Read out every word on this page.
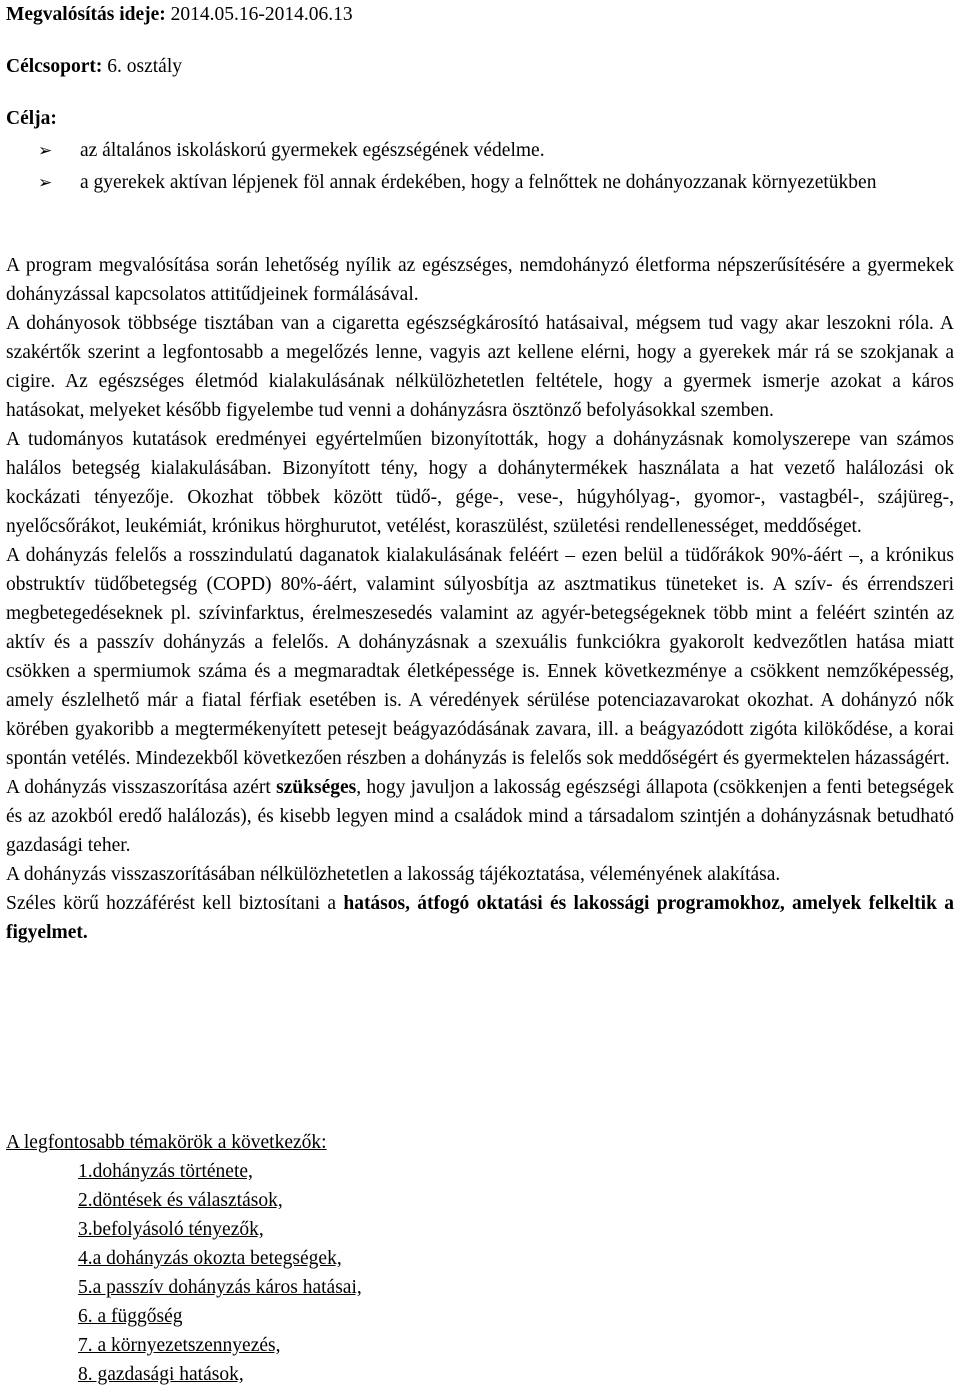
Megvalósítás ideje: 2014.05.16-2014.06.13
Célcsoport: 6. osztály
Célja:
➢	az általános iskoláskorú gyermekek egészségének védelme.
➢	a gyerekek aktívan lépjenek föl annak érdekében, hogy a felnőttek ne dohányozzanak környezetükben

A program megvalósítása során lehetőség nyílik az egészséges, nemdohányzó életforma népszerűsítésére a gyermekek dohányzással kapcsolatos attitűdjeinek formálásával.

A dohányosok többsége tisztában van a cigaretta egészségkárosító hatásaival, mégsem tud vagy akar leszokni róla. A szakértők szerint a legfontosabb a megelőzés lenne, vagyis azt kellene elérni, hogy a gyerekek már rá se szokjanak a cigire. Az egészséges életmód kialakulásának nélkülözhetetlen feltétele, hogy a gyermek ismerje azokat a káros hatásokat, melyeket később figyelembe tud venni a dohányzásra ösztönző befolyásokkal szemben.

A tudományos kutatások eredményei egyértelműen bizonyították, hogy a dohányzásnak komolyszerepe van számos halálos betegség kialakulásában. Bizonyított tény, hogy a dohánytermékek használata a hat vezető halálozási ok kockázati tényezője. Okozhat többek között tüdő-, gége-, vese-, húgyhólyag-, gyomor-, vastagbél-, szájüreg-, nyelőcsőrákot, leukémiát, krónikus hörghurutot, vetélést, koraszülést, születési rendellenességet, meddőséget.

A dohányzás felelős a rosszindulatú daganatok kialakulásának feléért – ezen belül a tüdőrákok 90%-áért –, a krónikus obstruktív tüdőbetegség (COPD) 80%-áért, valamint súlyosbítja az asztmatikus tüneteket is. A szív- és érrendszeri megbetegedéseknek pl. szívinfarktus, érelmeszesedés valamint az agyér-betegségeknek több mint a feléért szintén az aktív és a passzív dohányzás a felelős. A dohányzásnak a szexuális funkciókra gyakorolt kedvezőtlen hatása miatt csökken a spermiumok száma és a megmaradtak életképessége is. Ennek következménye a csökkent nemzőképesség, amely észlelhető már a fiatal férfiak esetében is. A véredények sérülése potenciazavarokat okozhat. A dohányzó nők körében gyakoribb a megtermékenyített petesejt beágyazódásának zavara, ill. a beágyazódott zigóta kilökődése, a korai spontán vetélés. Mindezekből következően részben a dohányzás is felelős sok meddőségért és gyermektelen házasságért.

A dohányzás visszaszorítása azért szükséges, hogy javuljon a lakosság egészségi állapota (csökkenjen a fenti betegségek és az azokból eredő halálozás), és kisebb legyen mind a családok mind a társadalom szintjén a dohányzásnak betudható gazdasági teher.

A dohányzás visszaszorításában nélkülözhetetlen a lakosság tájékoztatása, véleményének alakítása.

Széles körű hozzáférést kell biztosítani a hatásos, átfogó oktatási és lakossági programokhoz, amelyek felkeltik a figyelmet.

A legfontosabb témakörök a következők:
1.dohányzás története,
2.döntések és választások,
3.befolyásoló tényezők,
4.a dohányzás okozta betegségek,
5.a passzív dohányzás káros hatásai,
6. a függőség
7. a környezetszennyezés,
8. gazdasági hatások,
